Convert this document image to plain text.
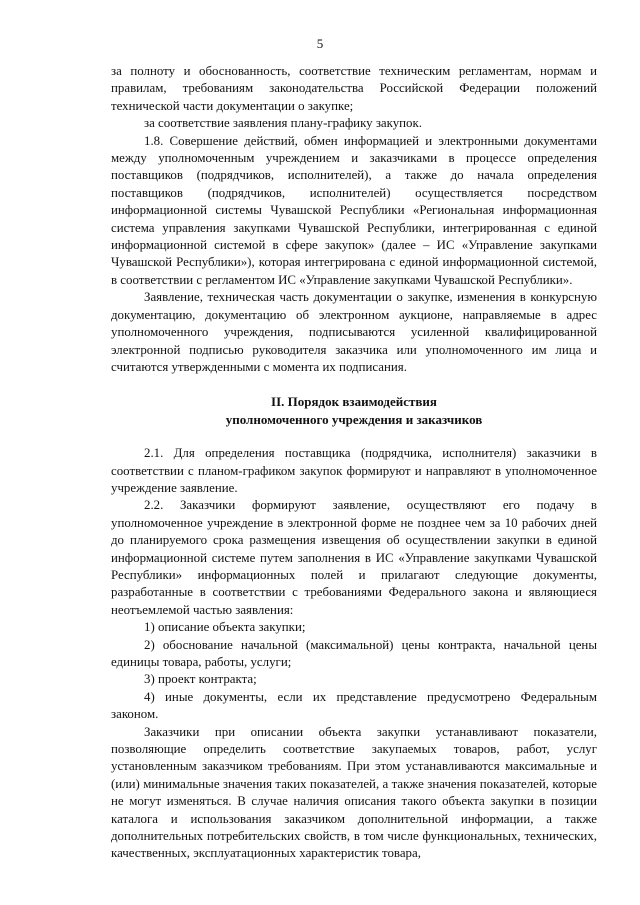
5

за полноту и обоснованность, соответствие техническим регламентам, нормам и правилам, требованиям законодательства Российской Федерации положений технической части документации о закупке;

за соответствие заявления плану-графику закупок.

1.8. Совершение действий, обмен информацией и электронными документами между уполномоченным учреждением и заказчиками в процессе определения поставщиков (подрядчиков, исполнителей), а также до начала определения поставщиков (подрядчиков, исполнителей) осуществляется посредством информационной системы Чувашской Республики «Региональная информационная система управления закупками Чувашской Республики, интегрированная с единой информационной системой в сфере закупок» (далее – ИС «Управление закупками Чувашской Республики»), которая интегрирована с единой информационной системой, в соответствии с регламентом ИС «Управление закупками Чувашской Республики».

Заявление, техническая часть документации о закупке, изменения в конкурсную документацию, документацию об электронном аукционе, направляемые в адрес уполномоченного учреждения, подписываются усиленной квалифицированной электронной подписью руководителя заказчика или уполномоченного им лица и считаются утвержденными с момента их подписания.

II. Порядок взаимодействия
уполномоченного учреждения и заказчиков

2.1. Для определения поставщика (подрядчика, исполнителя) заказчики в соответствии с планом-графиком закупок формируют и направляют в уполномоченное учреждение заявление.

2.2. Заказчики формируют заявление, осуществляют его подачу в уполномоченное учреждение в электронной форме не позднее чем за 10 рабочих дней до планируемого срока размещения извещения об осуществлении закупки в единой информационной системе путем заполнения в ИС «Управление закупками Чувашской Республики» информационных полей и прилагают следующие документы, разработанные в соответствии с требованиями Федерального закона и являющиеся неотъемлемой частью заявления:

1) описание объекта закупки;

2) обоснование начальной (максимальной) цены контракта, начальной цены единицы товара, работы, услуги;

3) проект контракта;

4) иные документы, если их представление предусмотрено Федеральным законом.

Заказчики при описании объекта закупки устанавливают показатели, позволяющие определить соответствие закупаемых товаров, работ, услуг установленным заказчиком требованиям. При этом устанавливаются максимальные и (или) минимальные значения таких показателей, а также значения показателей, которые не могут изменяться. В случае наличия описания такого объекта закупки в позиции каталога и использования заказчиком дополнительной информации, а также дополнительных потребительских свойств, в том числе функциональных, технических, качественных, эксплуатационных характеристик товара,
